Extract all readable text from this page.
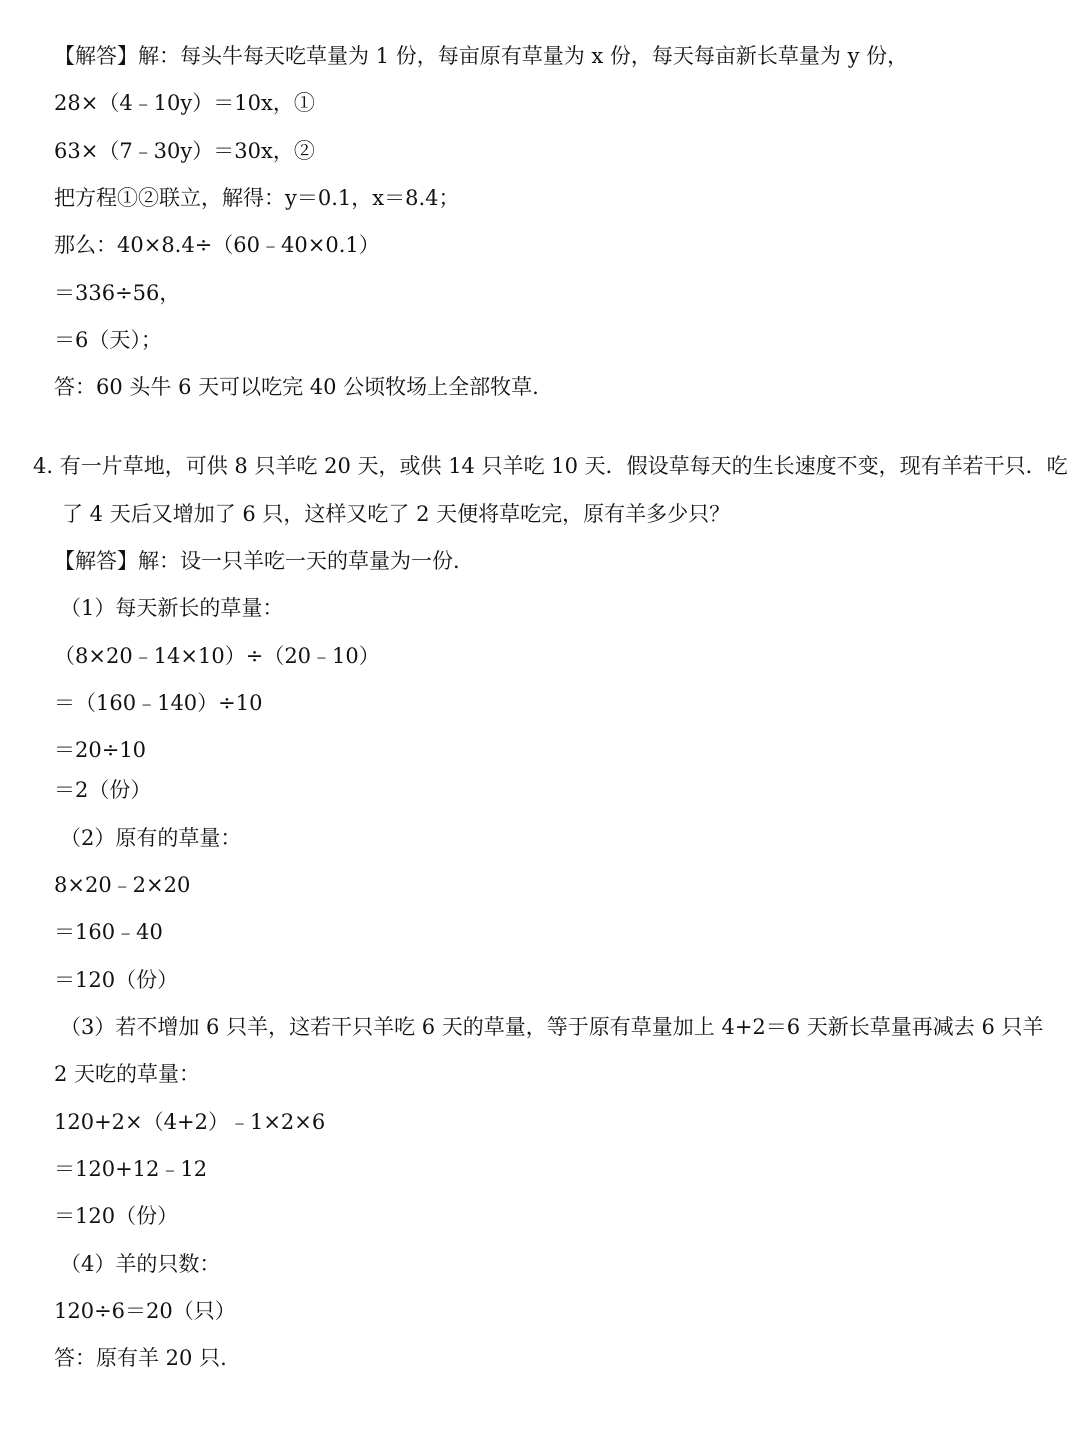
【解答】解：每头牛每天吃草量为 1 份，每亩原有草量为 x 份，每天每亩新长草量为 y 份，
28×（4﹣10y）＝10x，①
63×（7﹣30y）＝30x，②
把方程①②联立，解得：y＝0.1，x＝8.4；
那么：40×8.4÷（60﹣40×0.1）
＝336÷56，
＝6（天）；
答：60 头牛 6 天可以吃完 40 公顷牧场上全部牧草.
4. 有一片草地，可供 8 只羊吃 20 天，或供 14 只羊吃 10 天．假设草每天的生长速度不变，现有羊若干只．吃
了 4 天后又增加了 6 只，这样又吃了 2 天便将草吃完，原有羊多少只？
【解答】解：设一只羊吃一天的草量为一份．
（1）每天新长的草量：
（8×20﹣14×10）÷（20﹣10）
＝（160﹣140）÷10
＝20÷10
＝2（份）
（2）原有的草量：
8×20﹣2×20
＝160﹣40
＝120（份）
（3）若不增加 6 只羊，这若干只羊吃 6 天的草量，等于原有草量加上 4+2＝6 天新长草量再减去 6 只羊
2 天吃的草量：
120+2×（4+2）﹣1×2×6
＝120+12﹣12
＝120（份）
（4）羊的只数：
120÷6＝20（只）
答：原有羊 20 只.
